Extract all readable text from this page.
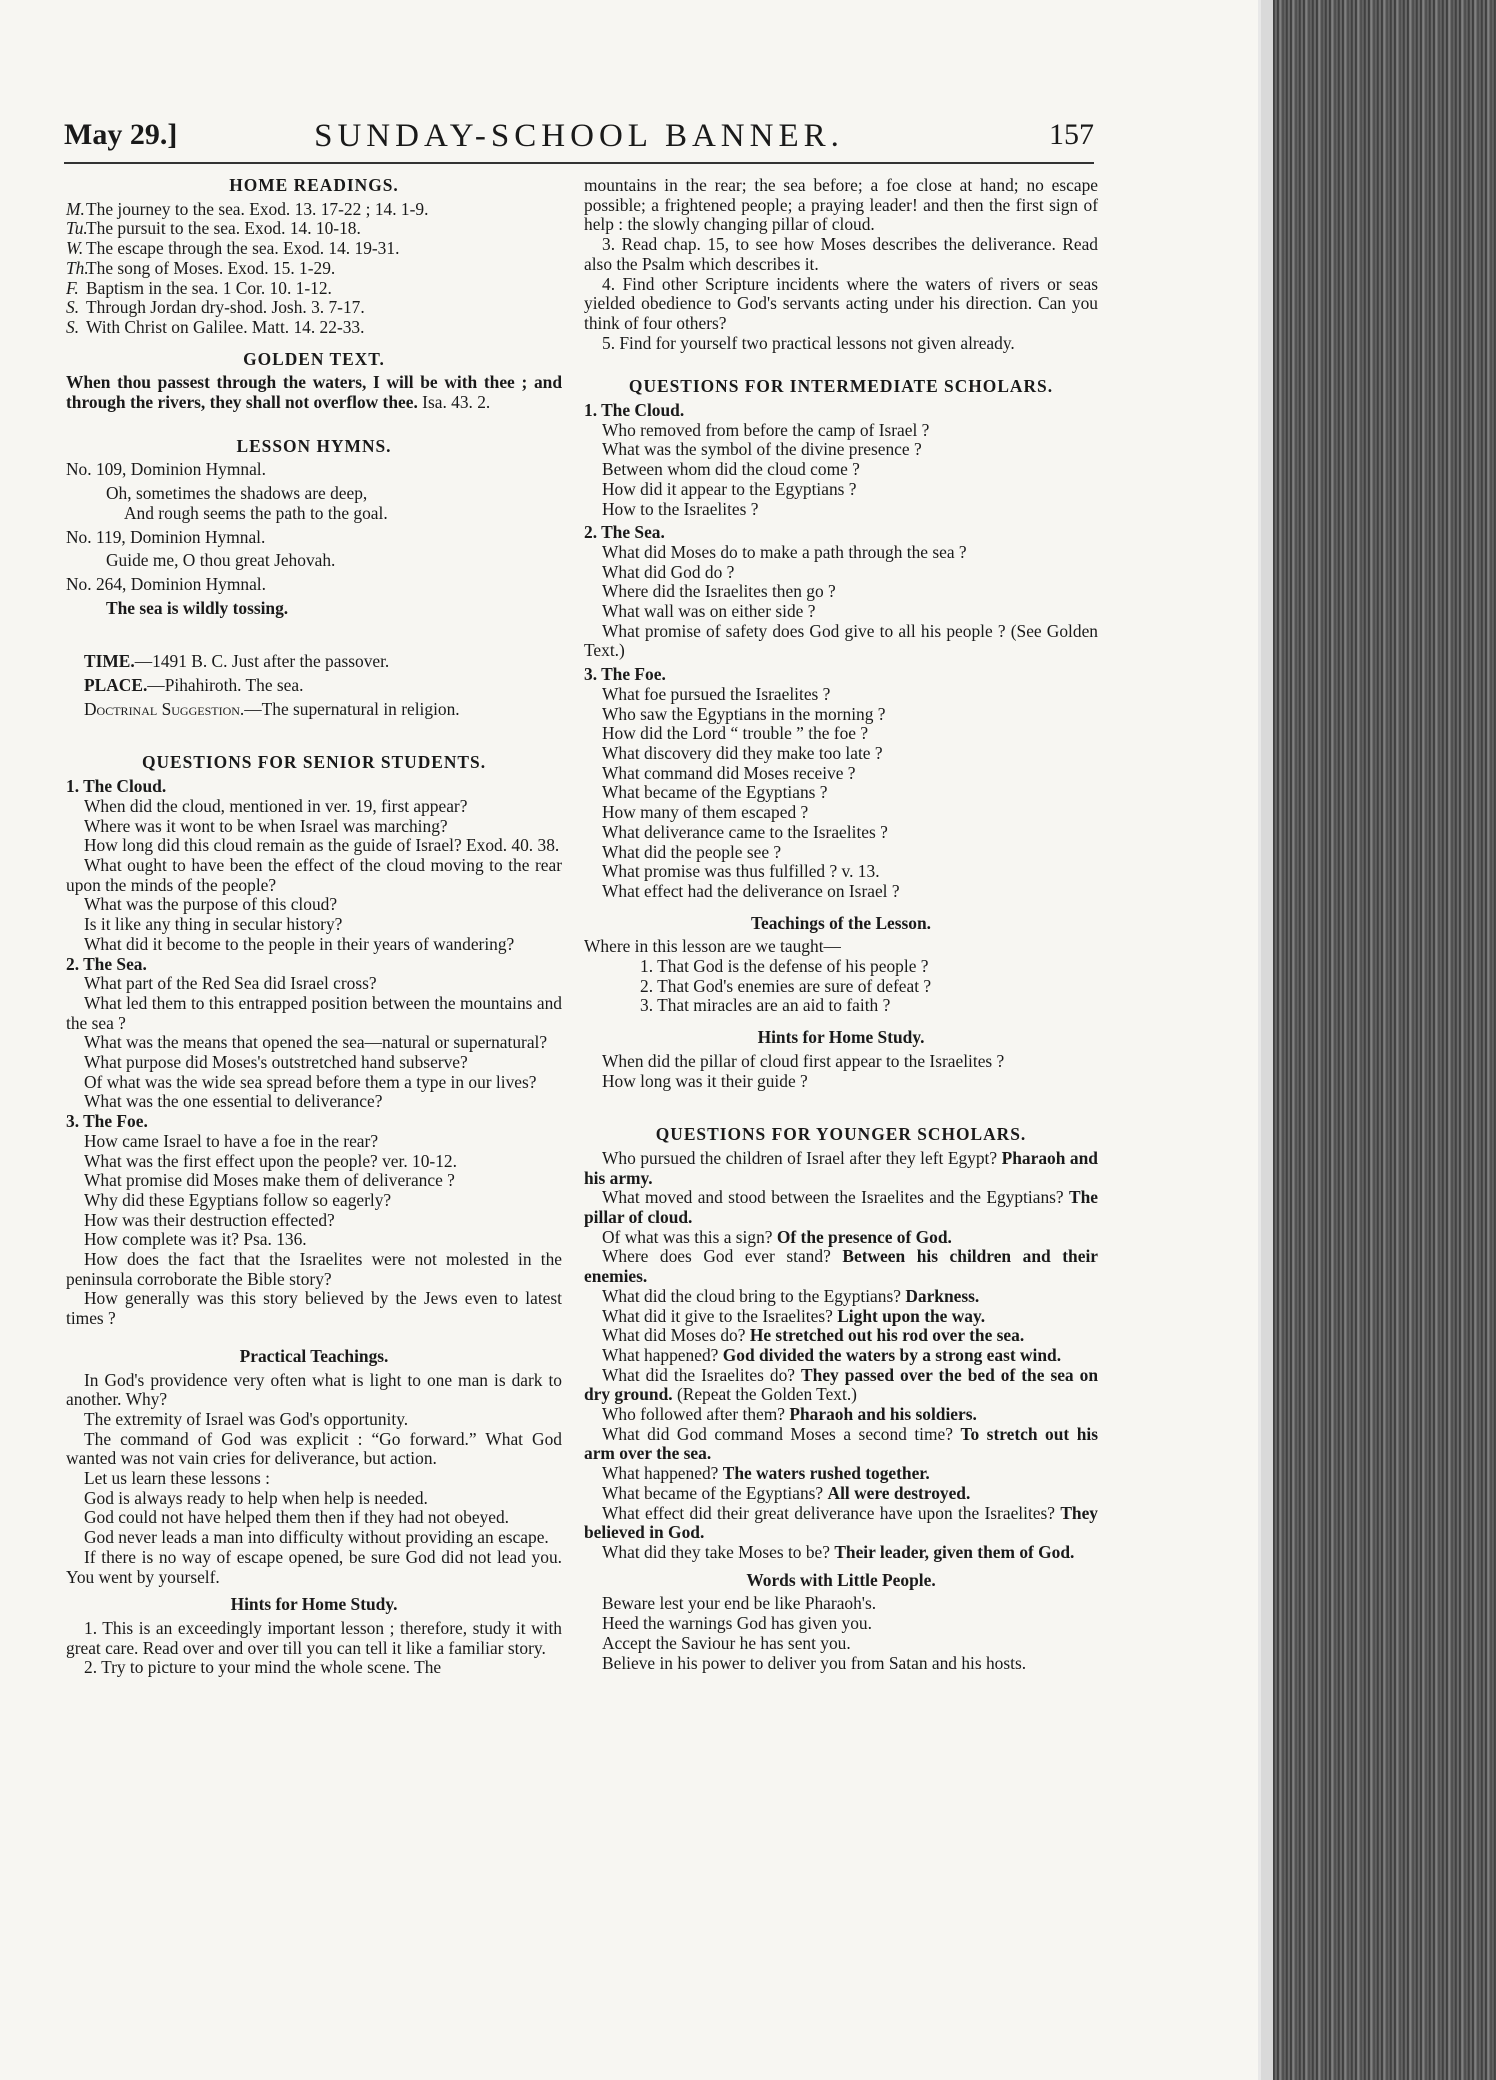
May 29.]	SUNDAY-SCHOOL BANNER.	157

HOME READINGS.

M. The journey to the sea. Exod. 13. 17-22 ; 14. 1-9.
Tu.
The pursuit to the sea. Exod. 14. 10-18.
W. The escape through the sea. Exod. 14. 19-31.
Th.
The song of Moses. Exod. 15. 1-29.
F. Baptism in the sea. 1 Cor. 10. 1-12.
S. Through Jordan dry-shod. Josh. 3. 7-17.
S. With Christ on Galilee. Matt. 14. 22-33.

GOLDEN TEXT.

When thou passest through the waters, I will be with thee ; and through the rivers, they shall not overflow thee. Isa. 43. 2.

LESSON HYMNS.

No. 109, Dominion Hymnal.

Oh, sometimes the shadows are deep,

And rough seems the path to the goal.

No. 119, Dominion Hymnal.

Guide me, O thou great Jehovah.

No. 264, Dominion Hymnal.

The sea is wildly tossing.

TIME.—1491 B. C. Just after the passover.

PLACE.—Pihahiroth. The sea.

Doctrinal Suggestion.—The supernatural in religion.

QUESTIONS FOR SENIOR STUDENTS.

1. The Cloud.

When did the cloud, mentioned in ver. 19, first appear?

Where was it wont to be when Israel was marching?

How long did this cloud remain as the guide of Israel? Exod. 40. 38.

What ought to have been the effect of the cloud moving to the rear upon the minds of the people?

What was the purpose of this cloud?

Is it like any thing in secular history?

What did it become to the people in their years of wandering?

2. The Sea.

What part of the Red Sea did Israel cross?

What led them to this entrapped position between the mountains and the sea ?

What was the means that opened the sea—natural or supernatural?

What purpose did Moses's outstretched hand subserve?

Of what was the wide sea spread before them a type in our lives?

What was the one essential to deliverance?

3. The Foe.

How came Israel to have a foe in the rear?

What was the first effect upon the people? ver. 10-12.

What promise did Moses make them of deliverance ?

Why did these Egyptians follow so eagerly?

How was their destruction effected?

How complete was it? Psa. 136.

How does the fact that the Israelites were not molested in the peninsula corroborate the Bible story?

How generally was this story believed by the Jews even to latest times ?

Practical Teachings.

In God's providence very often what is light to one man is dark to another. Why?

The extremity of Israel was God's opportunity.

The command of God was explicit : “Go forward.” What God wanted was not vain cries for deliverance, but action.

Let us learn these lessons :

God is always ready to help when help is needed.

God could not have helped them then if they had not obeyed.

God never leads a man into difficulty without providing an escape.

If there is no way of escape opened, be sure God did not lead you. You went by yourself.

Hints for Home Study.

1. This is an exceedingly important lesson ; therefore, study it with great care. Read over and over till you can tell it like a familiar story.

2. Try to picture to your mind the whole scene. The

mountains in the rear; the sea before; a foe close at hand; no escape possible; a frightened people; a praying leader! and then the first sign of help : the slowly changing pillar of cloud.

3. Read chap. 15, to see how Moses describes the deliverance. Read also the Psalm which describes it.

4. Find other Scripture incidents where the waters of rivers or seas yielded obedience to God's servants acting under his direction. Can you think of four others?

5. Find for yourself two practical lessons not given already.

QUESTIONS FOR INTERMEDIATE SCHOLARS.

1. The Cloud.

Who removed from before the camp of Israel ?

What was the symbol of the divine presence ?

Between whom did the cloud come ?

How did it appear to the Egyptians ?

How to the Israelites ?

2. The Sea.

What did Moses do to make a path through the sea ?

What did God do ?

Where did the Israelites then go ?

What wall was on either side ?

What promise of safety does God give to all his people ? (See Golden Text.)

3. The Foe.

What foe pursued the Israelites ?

Who saw the Egyptians in the morning ?

How did the Lord “ trouble ” the foe ?

What discovery did they make too late ?

What command did Moses receive ?

What became of the Egyptians ?

How many of them escaped ?

What deliverance came to the Israelites ?

What did the people see ?

What promise was thus fulfilled ? v. 13.

What effect had the deliverance on Israel ?

Teachings of the Lesson.

Where in this lesson are we taught—

1. That God is the defense of his people ?

2. That God's enemies are sure of defeat ?

3. That miracles are an aid to faith ?

Hints for Home Study.

When did the pillar of cloud first appear to the Israelites ?

How long was it their guide ?

QUESTIONS FOR YOUNGER SCHOLARS.

Who pursued the children of Israel after they left Egypt? Pharaoh and his army.

What moved and stood between the Israelites and the Egyptians? The pillar of cloud.

Of what was this a sign? Of the presence of God.

Where does God ever stand? Between his children and their enemies.

What did the cloud bring to the Egyptians? Darkness.

What did it give to the Israelites? Light upon the way.

What did Moses do? He stretched out his rod over the sea.

What happened? God divided the waters by a strong east wind.

What did the Israelites do? They passed over the bed of the sea on dry ground. (Repeat the Golden Text.)

Who followed after them? Pharaoh and his soldiers.

What did God command Moses a second time? To stretch out his arm over the sea.

What happened? The waters rushed together.

What became of the Egyptians? All were destroyed.

What effect did their great deliverance have upon the Israelites? They believed in God.

What did they take Moses to be? Their leader, given them of God.

Words with Little People.

Beware lest your end be like Pharaoh's.

Heed the warnings God has given you.

Accept the Saviour he has sent you.

Believe in his power to deliver you from Satan and his hosts.
